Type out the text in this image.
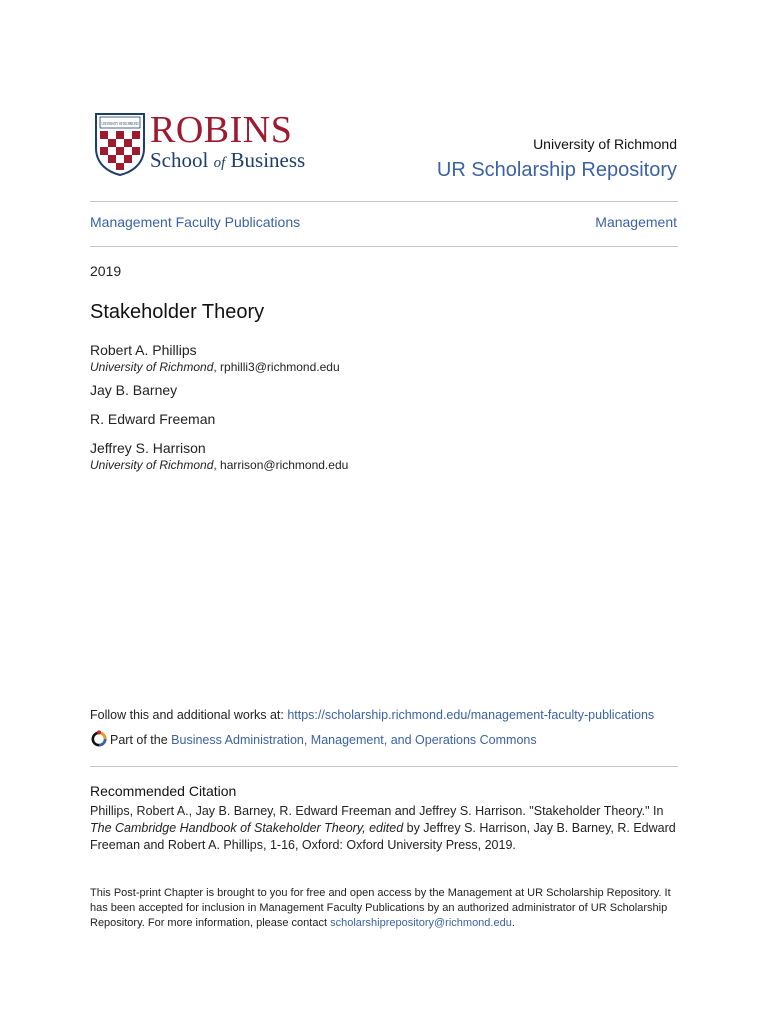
UNIVERSITY OF RICHMOND ROBINS
School of Business
University of Richmond
UR Scholarship Repository
Management Faculty Publications	Management
2019
Stakeholder Theory
Robert A. Phillips
University of Richmond, rphilli3@richmond.edu
Jay B. Barney
R. Edward Freeman
Jeffrey S. Harrison
University of Richmond, harrison@richmond.edu
Follow this and additional works at: https://scholarship.richmond.edu/management-faculty-publications
Part of the Business Administration, Management, and Operations Commons
Recommended Citation
Phillips, Robert A., Jay B. Barney, R. Edward Freeman and Jeffrey S. Harrison. "Stakeholder Theory." In The Cambridge Handbook of Stakeholder Theory, edited by Jeffrey S. Harrison, Jay B. Barney, R. Edward Freeman and Robert A. Phillips, 1-16, Oxford: Oxford University Press, 2019.
This Post-print Chapter is brought to you for free and open access by the Management at UR Scholarship Repository. It has been accepted for inclusion in Management Faculty Publications by an authorized administrator of UR Scholarship Repository. For more information, please contact scholarshiprepository@richmond.edu.
